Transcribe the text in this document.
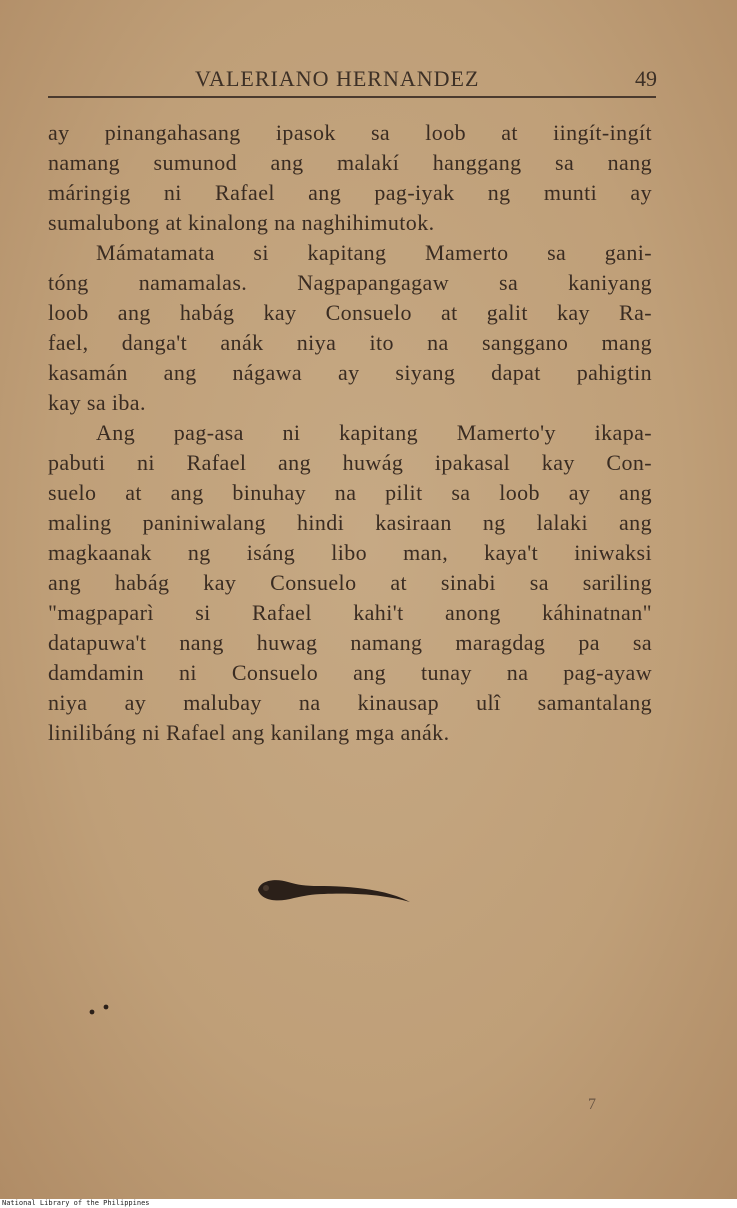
VALERIANO HERNANDEZ	49
ay pinangahasang ipasok sa loob at iingít-ingít
namang sumunod ang malakí hanggang sa nang
máringig ni Rafael ang pag-iyak ng munti ay
sumalubong at kinalong na naghihimutok.
Mámatamata si kapitang Mamerto sa gani-
tóng namamalas. Nagpapangagaw sa kaniyang
loob ang habág kay Consuelo at galit kay Ra-
fael, danga't anák niya ito na sanggano mang
kasamán ang nágawa ay siyang dapat pahigtin
kay sa iba.
Ang pag-asa ni kapitang Mamerto'y ikapa-
pabuti ni Rafael ang huwág ipakasal kay Con-
suelo at ang binuhay na pilit sa loob ay ang
maling paniniwalang hindi kasiraan ng lalaki ang
magkaanak ng isáng libo man, kaya't iniwaksi
ang habág kay Consuelo at sinabi sa sariling
"magpaparì si Rafael kahi't anong káhinatnan"
datapuwa't nang huwag namang maragdag pa sa
damdamin ni Consuelo ang tunay na pag-ayaw
niya ay malubay na kinausap ulî samantalang
linilibáng ni Rafael ang kanilang mga anák.
7
National Library of the Philippines
